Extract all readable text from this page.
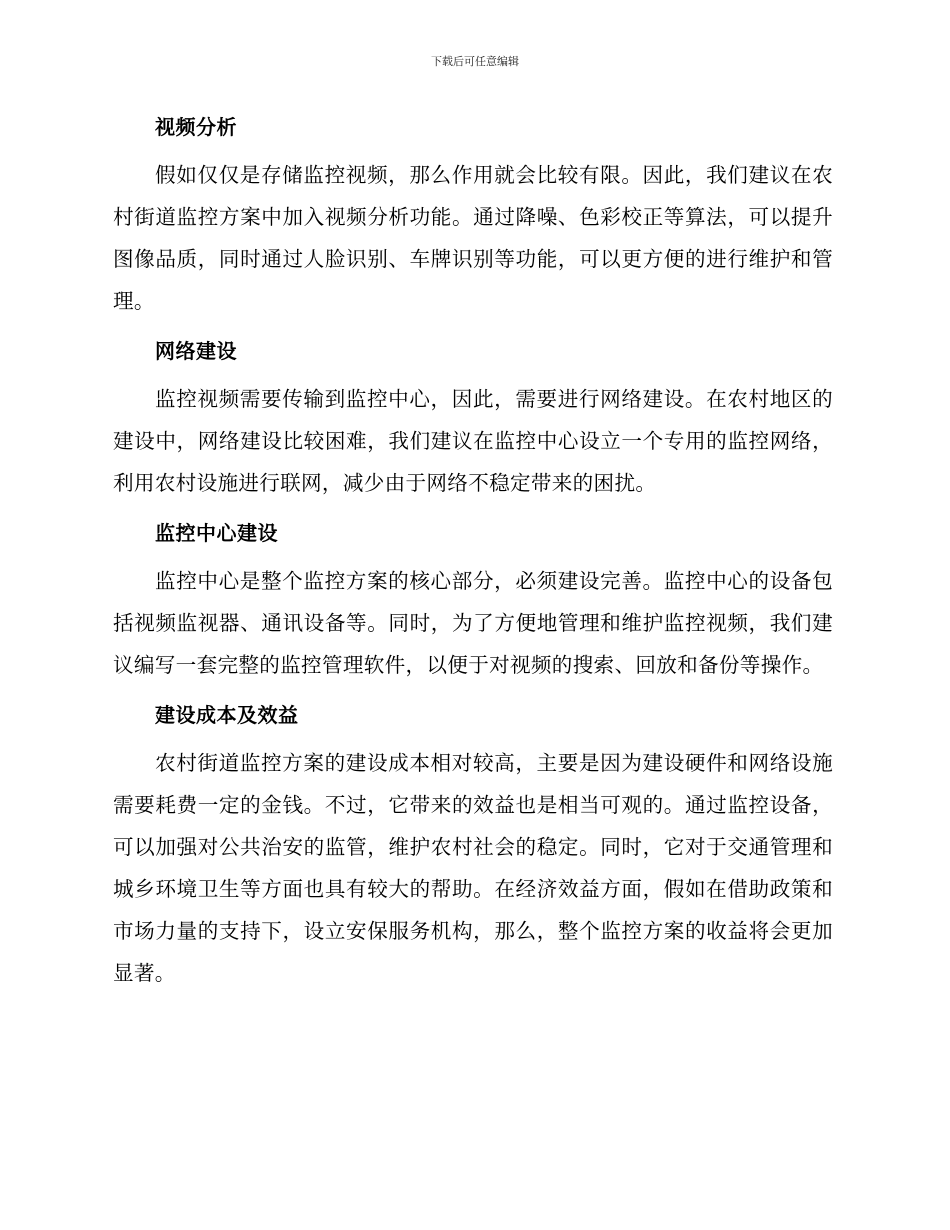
下载后可任意编辑
视频分析

假如仅仅是存储监控视频，那么作用就会比较有限。因此，我们建议在农村街道监控方案中加入视频分析功能。通过降噪、色彩校正等算法，可以提升图像品质，同时通过人脸识别、车牌识别等功能，可以更方便的进行维护和管理。

网络建设

监控视频需要传输到监控中心，因此，需要进行网络建设。在农村地区的建设中，网络建设比较困难，我们建议在监控中心设立一个专用的监控网络，利用农村设施进行联网，减少由于网络不稳定带来的困扰。

监控中心建设

监控中心是整个监控方案的核心部分，必须建设完善。监控中心的设备包括视频监视器、通讯设备等。同时，为了方便地管理和维护监控视频，我们建议编写一套完整的监控管理软件，以便于对视频的搜索、回放和备份等操作。

建设成本及效益

农村街道监控方案的建设成本相对较高，主要是因为建设硬件和网络设施需要耗费一定的金钱。不过，它带来的效益也是相当可观的。通过监控设备，可以加强对公共治安的监管，维护农村社会的稳定。同时，它对于交通管理和城乡环境卫生等方面也具有较大的帮助。在经济效益方面，假如在借助政策和市场力量的支持下，设立安保服务机构，那么，整个监控方案的收益将会更加显著。
